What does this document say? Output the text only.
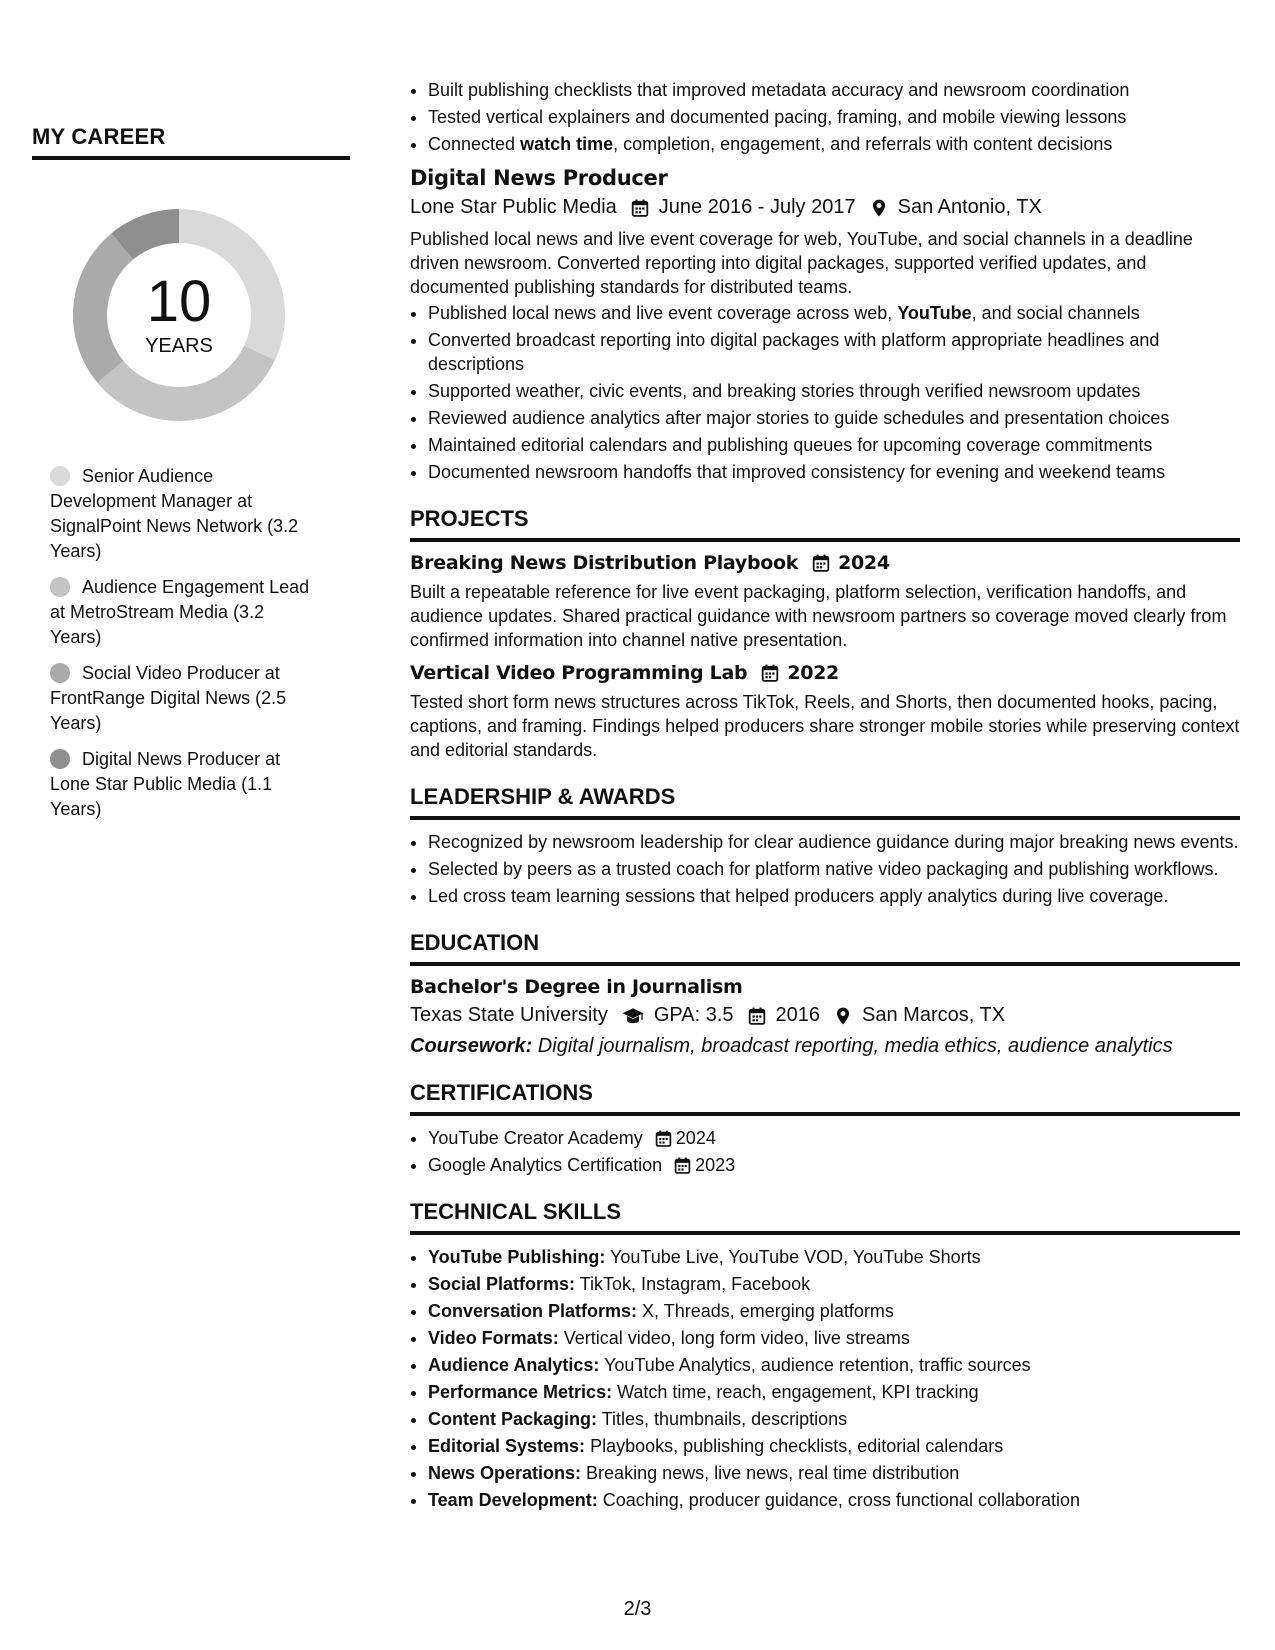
MY CAREER
10
YEARS
Senior Audience Development Manager at SignalPoint News Network (3.2 Years)
Audience Engagement Lead at MetroStream Media (3.2 Years)
Social Video Producer at FrontRange Digital News (2.5 Years)
Digital News Producer at Lone Star Public Media (1.1 Years)
• Built publishing checklists that improved metadata accuracy and newsroom coordination
• Tested vertical explainers and documented pacing, framing, and mobile viewing lessons
• Connected watch time, completion, engagement, and referrals with content decisions
Digital News Producer
Lone Star Public Media June 2016 - July 2017 San Antonio, TX

Published local news and live event coverage for web, YouTube, and social channels in a deadline driven newsroom. Converted reporting into digital packages, supported verified updates, and documented publishing standards for distributed teams.

• Published local news and live event coverage across web, YouTube, and social channels
• Converted broadcast reporting into digital packages with platform appropriate headlines and descriptions
• Supported weather, civic events, and breaking stories through verified newsroom updates
• Reviewed audience analytics after major stories to guide schedules and presentation choices
• Maintained editorial calendars and publishing queues for upcoming coverage commitments
• Documented newsroom handoffs that improved consistency for evening and weekend teams
PROJECTS
Breaking News Distribution Playbook 2024

Built a repeatable reference for live event packaging, platform selection, verification handoffs, and audience updates. Shared practical guidance with newsroom partners so coverage moved clearly from confirmed information into channel native presentation.

Vertical Video Programming Lab 2022

Tested short form news structures across TikTok, Reels, and Shorts, then documented hooks, pacing, captions, and framing. Findings helped producers share stronger mobile stories while preserving context and editorial standards.

LEADERSHIP & AWARDS
• Recognized by newsroom leadership for clear audience guidance during major breaking news events.
• Selected by peers as a trusted coach for platform native video packaging and publishing workflows.
• Led cross team learning sessions that helped producers apply analytics during live coverage.
EDUCATION
Bachelor's Degree in Journalism
Texas State University GPA: 3.5 2016 San Marcos, TX
Coursework: Digital journalism, broadcast reporting, media ethics, audience analytics
CERTIFICATIONS
• YouTube Creator Academy 2024
• Google Analytics Certification 2023
TECHNICAL SKILLS
• YouTube Publishing: YouTube Live, YouTube VOD, YouTube Shorts
• Social Platforms: TikTok, Instagram, Facebook
• Conversation Platforms: X, Threads, emerging platforms
• Video Formats: Vertical video, long form video, live streams
• Audience Analytics: YouTube Analytics, audience retention, traffic sources
• Performance Metrics: Watch time, reach, engagement, KPI tracking
• Content Packaging: Titles, thumbnails, descriptions
• Editorial Systems: Playbooks, publishing checklists, editorial calendars
• News Operations: Breaking news, live news, real time distribution
• Team Development: Coaching, producer guidance, cross functional collaboration
2/3
